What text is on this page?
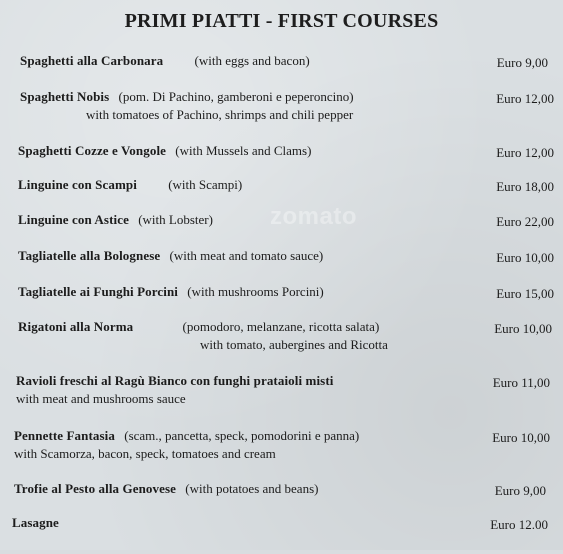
PRIMI PIATTI - FIRST COURSES
Spaghetti alla Carbonara (with eggs and bacon)	Euro 9,00
Spaghetti Nobis (pom. Di Pachino, gamberoni e peperoncino)
with tomatoes of Pachino, shrimps and chili pepper
Euro 12,00
Spaghetti Cozze e Vongole (with Mussels and Clams)	Euro 12,00
Linguine con Scampi (with Scampi)	Euro 18,00
Linguine con Astice (with Lobster)	Euro 22,00
Tagliatelle alla Bolognese (with meat and tomato sauce)	Euro 10,00
Tagliatelle ai Funghi Porcini (with mushrooms Porcini)	Euro 15,00
Rigatoni alla Norma	(pomodoro, melanzane, ricotta salata)
with tomato, aubergines and Ricotta
Euro 10,00
Ravioli freschi al Ragù Bianco con funghi prataioli misti
with meat and mushrooms sauce
Euro 11,00
Pennette Fantasia (scam., pancetta, speck, pomodorini e panna)
with Scamorza, bacon, speck, tomatoes and cream
Euro 10,00
Trofie al Pesto alla Genovese (with potatoes and beans)	Euro 9,00
Lasagne	Euro 12.00
zomato
